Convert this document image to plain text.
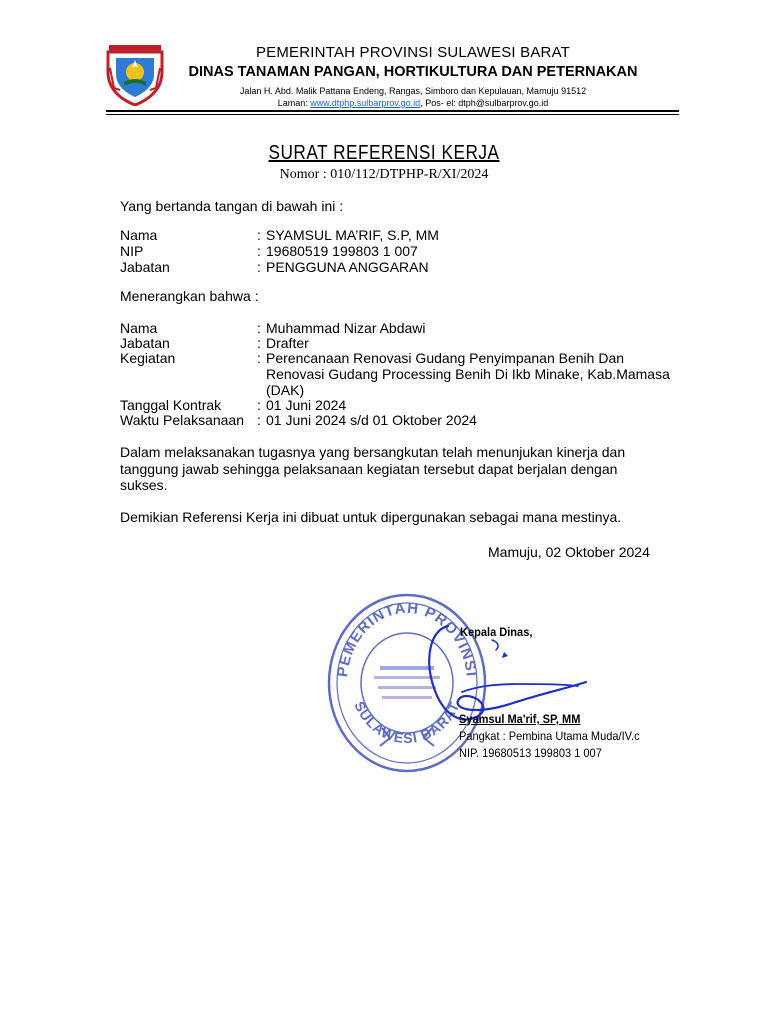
PEMERINTAH PROVINSI SULAWESI BARAT
DINAS TANAMAN PANGAN, HORTIKULTURA DAN PETERNAKAN
Jalan H. Abd. Malik Pattana Endeng, Rangas, Simboro dan Kepulauan, Mamuju 91512
Laman: www.dtphp.sulbarprov.go.id, Pos- el: dtph@sulbarprov.go.id
SURAT REFERENSI KERJA
Nomor : 010/112/DTPHP-R/XI/2024
Yang bertanda tangan di bawah ini :
Nama	: SYAMSUL MA’RIF, S.P, MM
NIP	: 19680519 199803 1 007
Jabatan	: PENGGUNA ANGGARAN
Menerangkan bahwa :
Nama	: Muhammad Nizar Abdawi
Jabatan	: Drafter
Kegiatan	: Perencanaan Renovasi Gudang Penyimpanan Benih Dan Renovasi Gudang Processing Benih Di Ikb Minake, Kab.Mamasa (DAK)
Tanggal Kontrak	: 01 Juni 2024
Waktu Pelaksanaan : 01 Juni 2024 s/d 01 Oktober 2024
Dalam melaksanakan tugasnya yang bersangkutan telah menunjukan kinerja dan tanggung jawab sehingga pelaksanaan kegiatan tersebut dapat berjalan dengan sukses.
Demikian Referensi Kerja ini dibuat untuk dipergunakan sebagai mana mestinya.
Mamuju, 02 Oktober 2024
PEMERINTAH PROVINSI
SULAWESI BARAT
Kepala Dinas,
Syamsul Ma'rif, SP, MM
Pangkat : Pembina Utama Muda/IV.c
NIP. 19680513 199803 1 007
